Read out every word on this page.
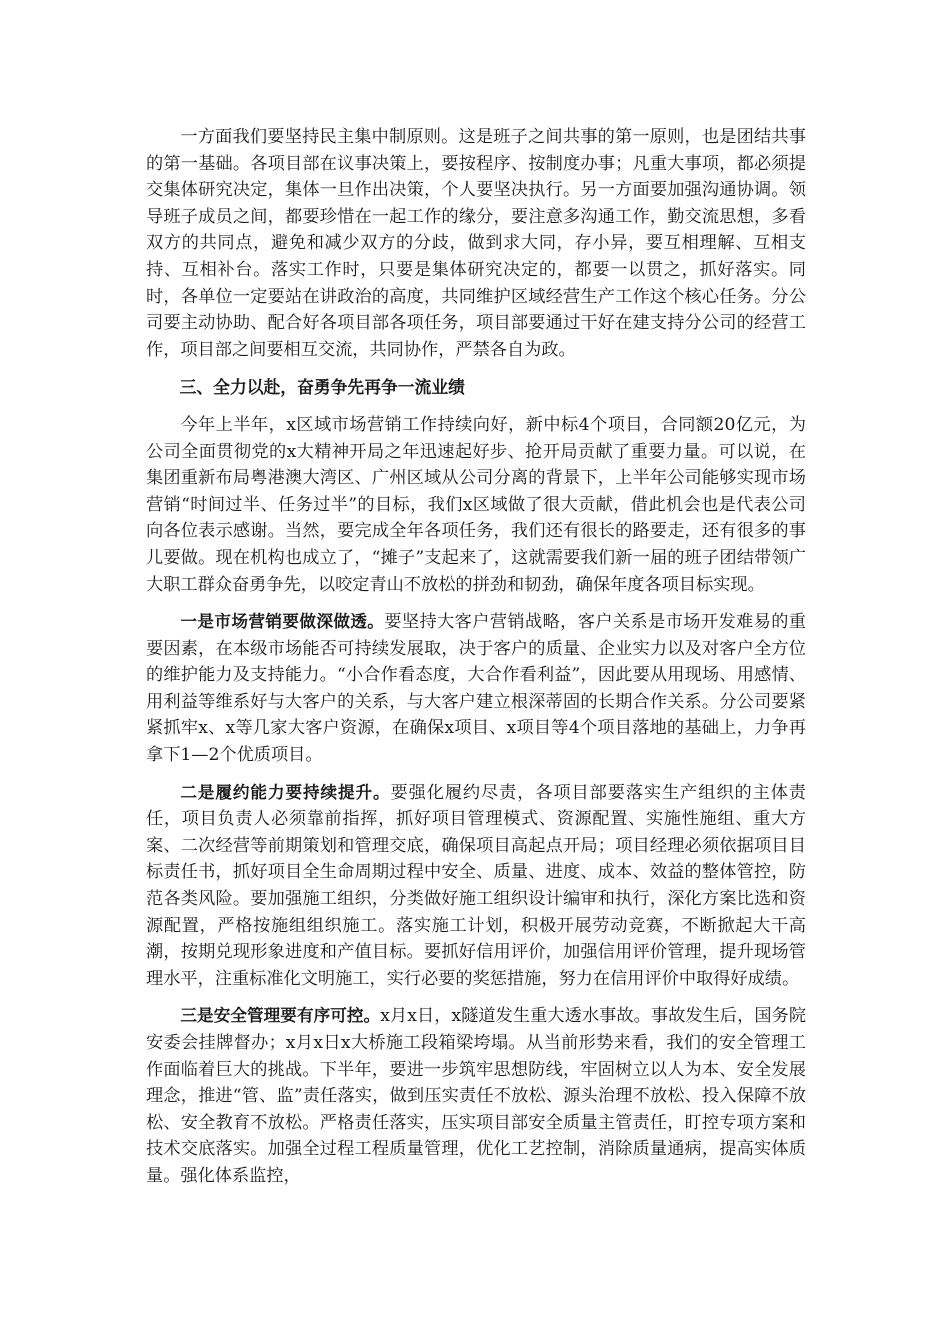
一方面我们要坚持民主集中制原则。这是班子之间共事的第一原则，也是团结共事的第一基础。各项目部在议事决策上，要按程序、按制度办事；凡重大事项，都必须提交集体研究决定，集体一旦作出决策，个人要坚决执行。另一方面要加强沟通协调。领导班子成员之间，都要珍惜在一起工作的缘分，要注意多沟通工作，勤交流思想，多看双方的共同点，避免和减少双方的分歧，做到求大同，存小异，要互相理解、互相支持、互相补台。落实工作时，只要是集体研究决定的，都要一以贯之，抓好落实。同时，各单位一定要站在讲政治的高度，共同维护区域经营生产工作这个核心任务。分公司要主动协助、配合好各项目部各项任务，项目部要通过干好在建支持分公司的经营工作，项目部之间要相互交流，共同协作，严禁各自为政。

三、全力以赴，奋勇争先再争一流业绩

今年上半年，x区域市场营销工作持续向好，新中标4个项目，合同额20亿元，为公司全面贯彻党的x大精神开局之年迅速起好步、抢开局贡献了重要力量。可以说，在集团重新布局粤港澳大湾区、广州区域从公司分离的背景下，上半年公司能够实现市场营销“时间过半、任务过半”的目标，我们x区域做了很大贡献，借此机会也是代表公司向各位表示感谢。当然，要完成全年各项任务，我们还有很长的路要走，还有很多的事儿要做。现在机构也成立了，“摊子”支起来了，这就需要我们新一届的班子团结带领广大职工群众奋勇争先，以咬定青山不放松的拼劲和韧劲，确保年度各项目标实现。

一是市场营销要做深做透。要坚持大客户营销战略，客户关系是市场开发难易的重要因素，在本级市场能否可持续发展取，决于客户的质量、企业实力以及对客户全方位的维护能力及支持能力。“小合作看态度，大合作看利益”，因此要从用现场、用感情、用利益等维系好与大客户的关系，与大客户建立根深蒂固的长期合作关系。分公司要紧紧抓牢x、x等几家大客户资源，在确保x项目、x项目等4个项目落地的基础上，力争再拿下1—2个优质项目。

二是履约能力要持续提升。要强化履约尽责，各项目部要落实生产组织的主体责任，项目负责人必须靠前指挥，抓好项目管理模式、资源配置、实施性施组、重大方案、二次经营等前期策划和管理交底，确保项目高起点开局；项目经理必须依据项目目标责任书，抓好项目全生命周期过程中安全、质量、进度、成本、效益的整体管控，防范各类风险。要加强施工组织，分类做好施工组织设计编审和执行，深化方案比选和资源配置，严格按施组组织施工。落实施工计划，积极开展劳动竞赛，不断掀起大干高潮，按期兑现形象进度和产值目标。要抓好信用评价，加强信用评价管理，提升现场管理水平，注重标准化文明施工，实行必要的奖惩措施，努力在信用评价中取得好成绩。

三是安全管理要有序可控。x月x日，x隧道发生重大透水事故。事故发生后，国务院安委会挂牌督办；x月x日x大桥施工段箱梁垮塌。从当前形势来看，我们的安全管理工作面临着巨大的挑战。下半年，要进一步筑牢思想防线，牢固树立以人为本、安全发展理念，推进“管、监”责任落实，做到压实责任不放松、源头治理不放松、投入保障不放松、安全教育不放松。严格责任落实，压实项目部安全质量主管责任，盯控专项方案和技术交底落实。加强全过程工程质量管理，优化工艺控制，消除质量通病，提高实体质量。强化体系监控，
